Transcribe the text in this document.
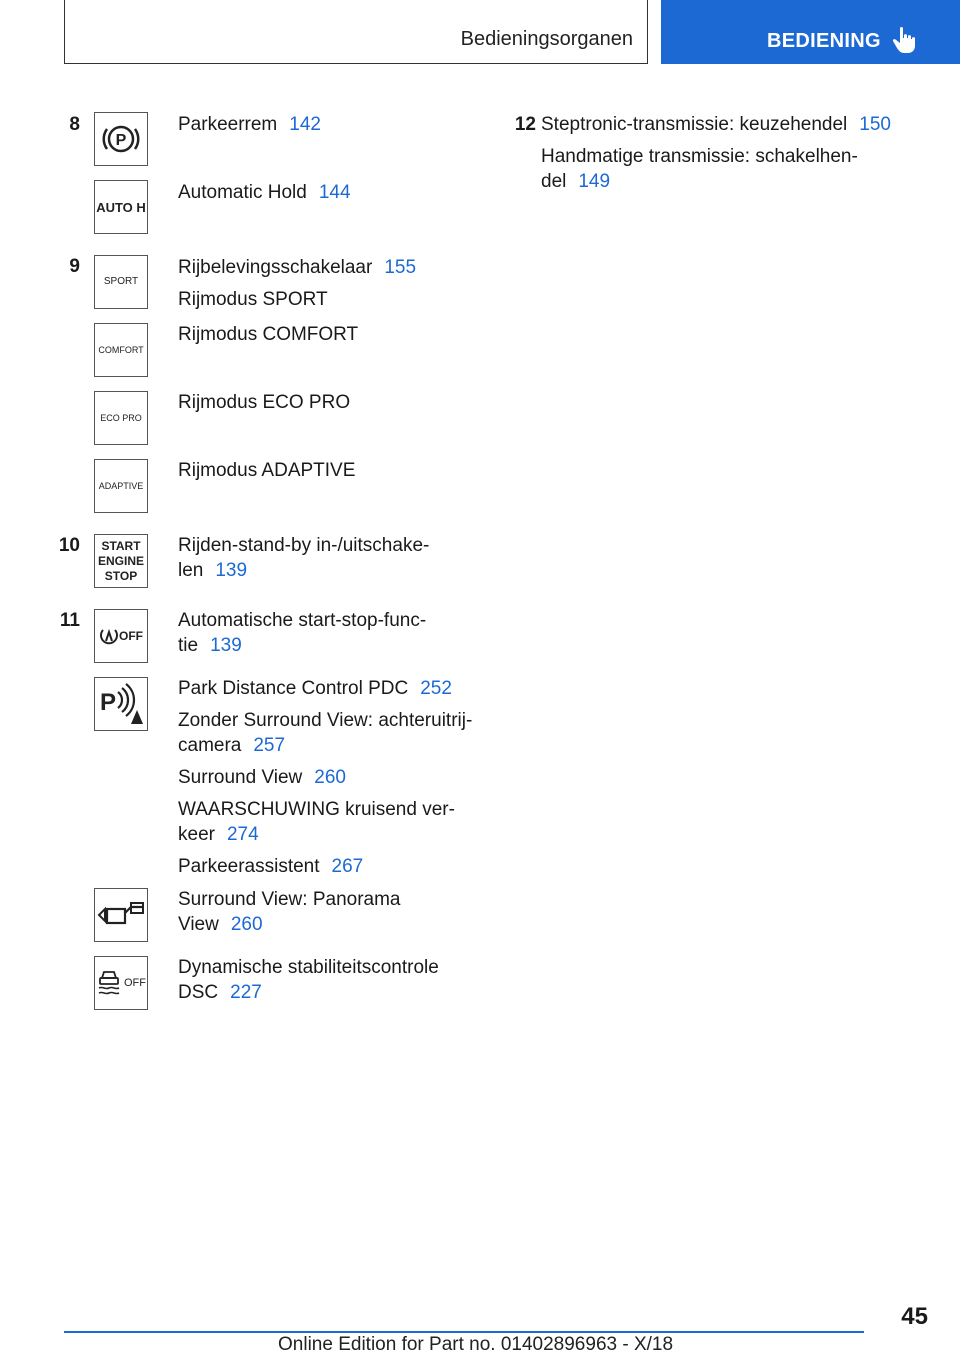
Bedieningsorganen	BEDIENING
8
P
Parkeerrem 142
AUTO H
Automatic Hold 144
9
SPORT
Rijbelevingsschakelaar 155
Rijmodus SPORT
COMFORT
Rijmodus COMFORT
ECO PRO
Rijmodus ECO PRO
ADAPTIVE
Rijmodus ADAPTIVE
10	START ENGINE STOP
Rijden-stand-by in-/uitschake-
len 139
11
OFF
Automatische start-stop-func-
tie 139
P
Park Distance Control PDC 252
Zonder Surround View: achteruitrij-
camera 257
Surround View 260
WAARSCHUWING kruisend ver-
keer 274
Parkeerassistent 267
Surround View: Panorama
View 260
OFF
Dynamische stabiliteitscontrole
DSC 227
12 Steptronic-transmissie: keuzehendel 150
Handmatige transmissie: schakelhen-
del 149
45
Online Edition for Part no. 01402896963 - X/18
